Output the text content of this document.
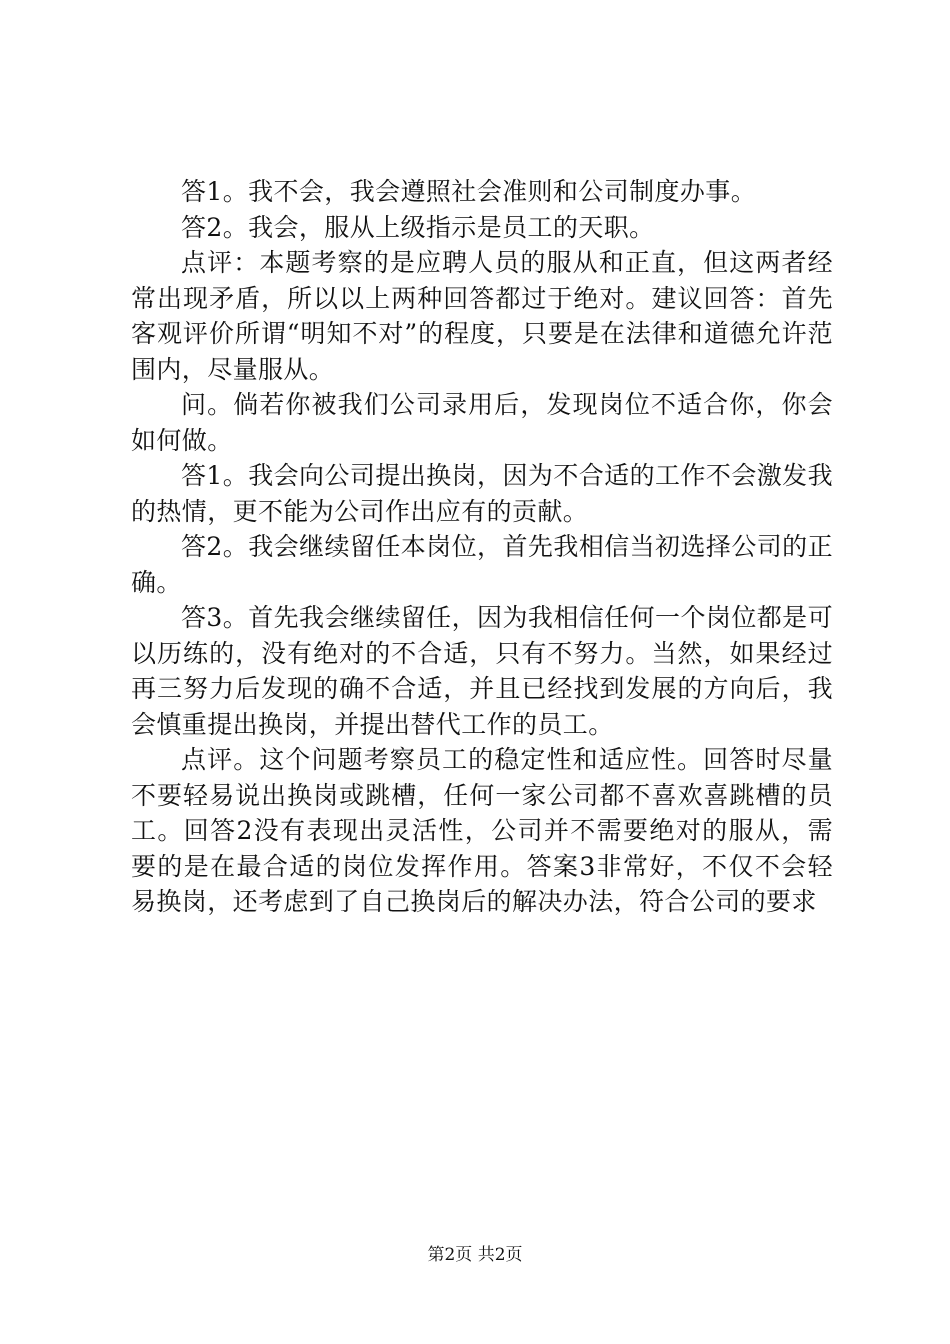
答1。我不会，我会遵照社会准则和公司制度办事。

答2。我会，服从上级指示是员工的天职。

点评：本题考察的是应聘人员的服从和正直，但这两者经常出现矛盾，所以以上两种回答都过于绝对。建议回答：首先客观评价所谓“明知不对”的程度，只要是在法律和道德允许范围内，尽量服从。

问。倘若你被我们公司录用后，发现岗位不适合你，你会如何做。

答1。我会向公司提出换岗，因为不合适的工作不会激发我的热情，更不能为公司作出应有的贡献。

答2。我会继续留任本岗位，首先我相信当初选择公司的正确。

答3。首先我会继续留任，因为我相信任何一个岗位都是可以历练的，没有绝对的不合适，只有不努力。当然，如果经过再三努力后发现的确不合适，并且已经找到发展的方向后，我会慎重提出换岗，并提出替代工作的员工。

点评。这个问题考察员工的稳定性和适应性。回答时尽量不要轻易说出换岗或跳槽，任何一家公司都不喜欢喜跳槽的员工。回答2没有表现出灵活性，公司并不需要绝对的服从，需要的是在最合适的岗位发挥作用。答案3非常好，不仅不会轻易换岗，还考虑到了自己换岗后的解决办法，符合公司的要求

第2页 共2页
